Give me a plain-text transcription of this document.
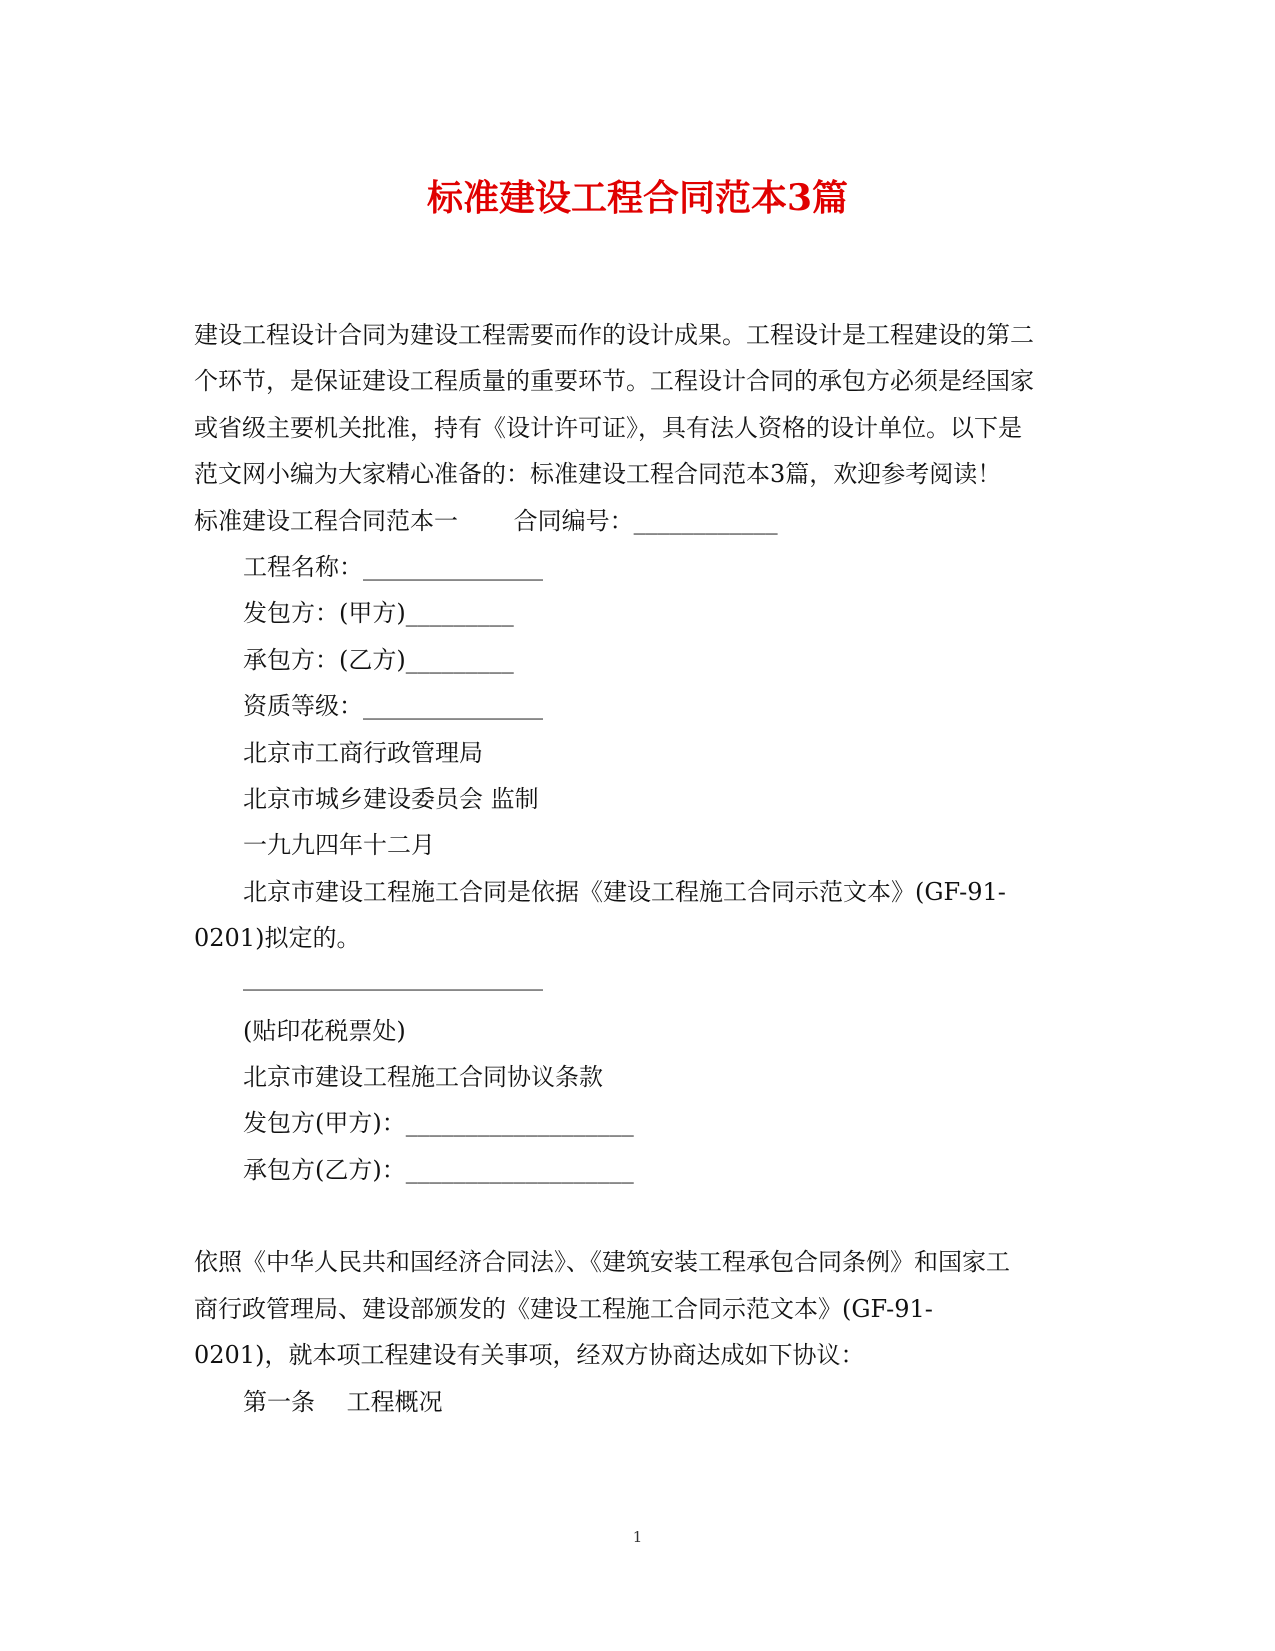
标准建设工程合同范本3篇
建设工程设计合同为建设工程需要而作的设计成果。工程设计是工程建设的第二
个环节，是保证建设工程质量的重要环节。工程设计合同的承包方必须是经国家
或省级主要机关批准，持有《设计许可证》，具有法人资格的设计单位。以下是
范文网小编为大家精心准备的：标准建设工程合同范本3篇，欢迎参考阅读！
标准建设工程合同范本一　　 合同编号：____________
工程名称：_______________
发包方：(甲方)_________
承包方：(乙方)_________
资质等级：_______________
北京市工商行政管理局
北京市城乡建设委员会 监制
一九九四年十二月
北京市建设工程施工合同是依据《建设工程施工合同示范文本》(GF-91-
0201)拟定的。
_________________________
(贴印花税票处)
北京市建设工程施工合同协议条款
发包方(甲方)：___________________
承包方(乙方)：___________________
依照《中华人民共和国经济合同法》、《建筑安装工程承包合同条例》和国家工
商行政管理局、建设部颁发的《建设工程施工合同示范文本》(GF-91-
0201)，就本项工程建设有关事项，经双方协商达成如下协议：
第一条　 工程概况
1
